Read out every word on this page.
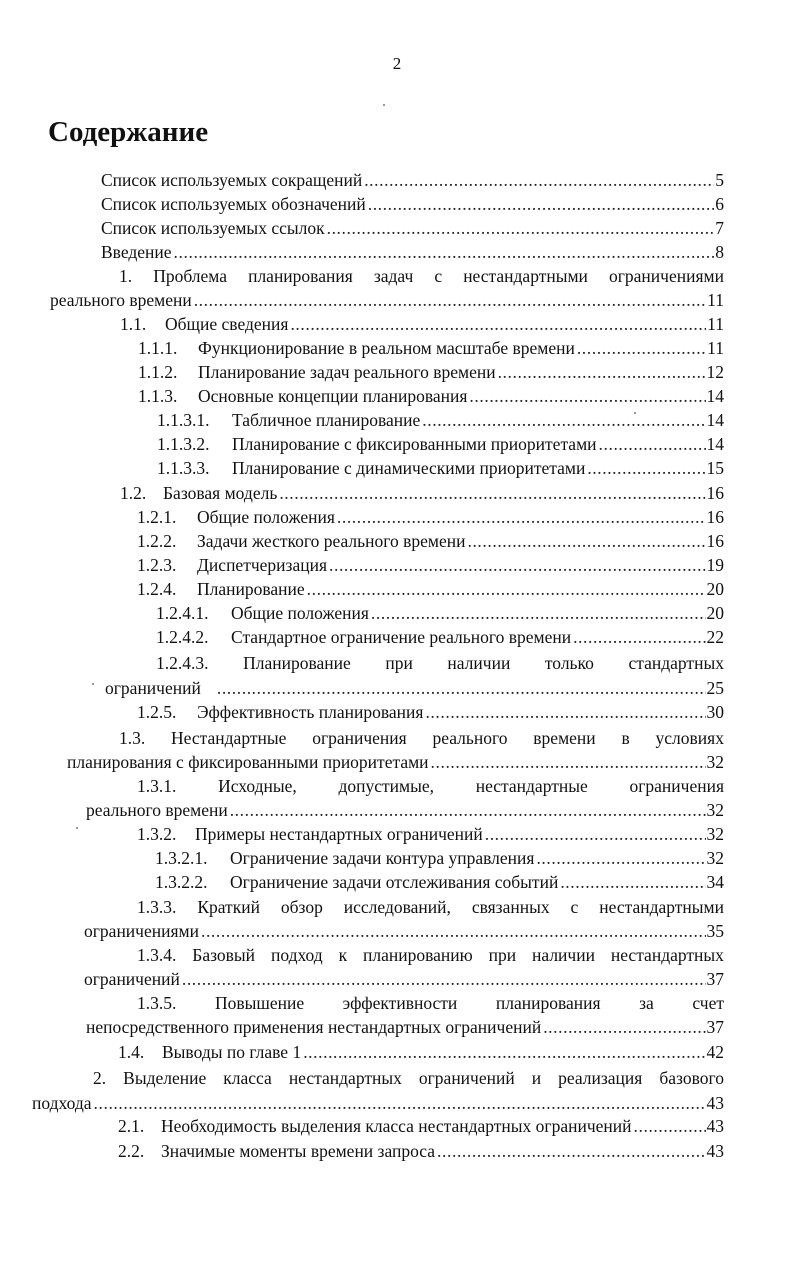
2
Содержание
Список используемых сокращений .....	5
Список используемых обозначений .....	6
Список используемых ссылок .....	7
Введение .....	8
1. Проблема планирования задач с нестандартными ограничениями
реального времени .....	11
1.1.	Общие сведения .....	11
1.1.1.	Функционирование в реальном масштабе времени .....	11
1.1.2.	Планирование задач реального времени .....	12
1.1.3.	Основные концепции планирования .....	14
1.1.3.1.	Табличное планирование .....	14
1.1.3.2.	Планирование с фиксированными приоритетами .....	14
1.1.3.3.	Планирование с динамическими приоритетами .....	15
1.2. Базовая модель .....	16
1.2.1.	Общие положения .....	16
1.2.2.	Задачи жесткого реального времени .....	16
1.2.3.	Диспетчеризация .....	19
1.2.4.	Планирование .....	20
1.2.4.1.	Общие положения .....	20
1.2.4.2.	Стандартное ограничение реального времени .....	22
1.2.4.3. Планирование при наличии только стандартных
ограничений .....	25
1.2.5.	Эффективность планирования .....	30
1.3. Нестандартные ограничения реального времени в условиях
планирования с фиксированными приоритетами .....	32
1.3.1. Исходные, допустимые, нестандартные ограничения
реального времени .....	32
1.3.2.	Примеры нестандартных ограничений .....	32
1.3.2.1.	Ограничение задачи контура управления .....	32
1.3.2.2.	Ограничение задачи отслеживания событий .....	34
1.3.3. Краткий обзор исследований, связанных с нестандартными
ограничениями .....	35
1.3.4. Базовый подход к планированию при наличии нестандартных
ограничений .....	37
1.3.5. Повышение эффективности планирования за счет
непосредственного применения нестандартных ограничений .....	37
1.4.	Выводы по главе 1 .....	42
2. Выделение класса нестандартных ограничений и реализация базового
подхода .....	43
2.1. Необходимость выделения класса нестандартных ограничений .....	43
2.2. Значимые моменты времени запроса .....	43
